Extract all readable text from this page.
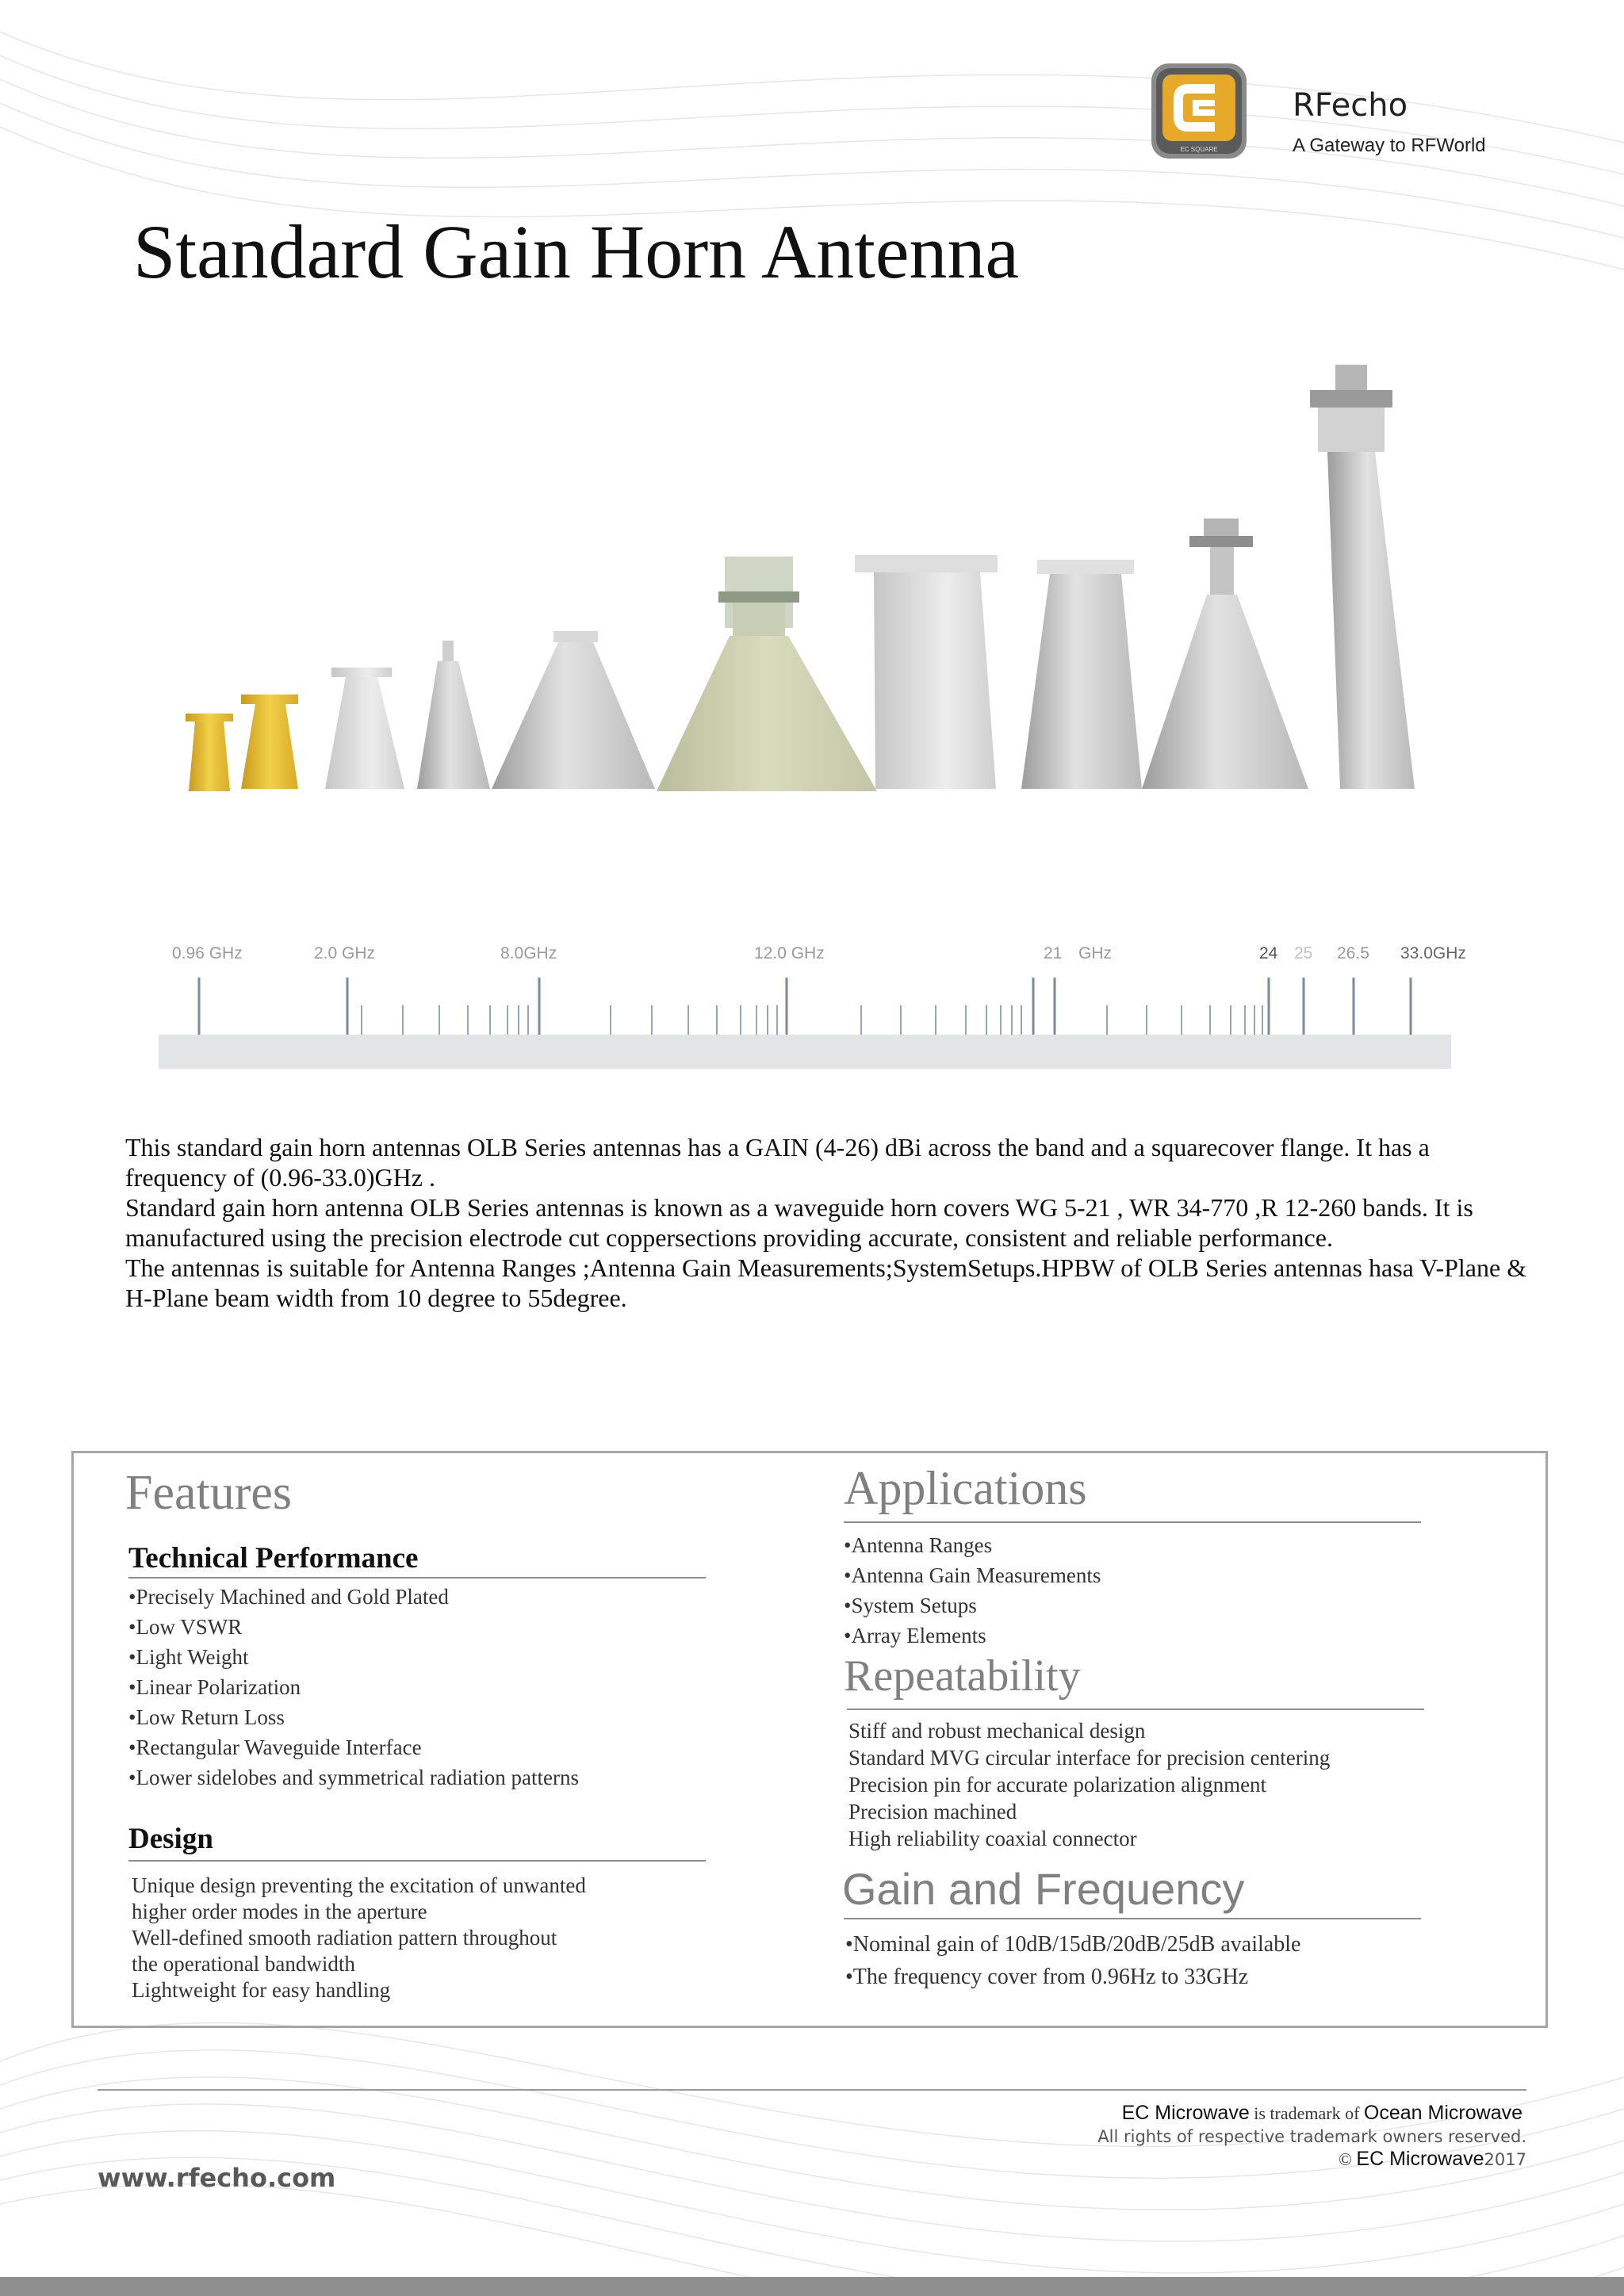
EC SQUARE
RFecho
A Gateway to RFWorld
Standard Gain Horn Antenna
0.96 GHz	2.0 GHz	8.0GHz	12.0 GHz	21 GHz	24 25 26.5 33.0GHz

This standard gain horn antennas OLB Series antennas has a GAIN (4-26) dBi across the band and a squarecover flange. It has a frequency of (0.96-33.0)GHz .

Standard gain horn antenna OLB Series antennas is known as a waveguide horn covers WG 5-21 , WR 34-770 ,R 12-260 bands. It is manufactured using the precision electrode cut coppersections providing accurate, consistent and reliable performance.

The antennas is suitable for Antenna Ranges ;Antenna Gain Measurements;SystemSetups.HPBW of OLB Series antennas hasa V-Plane & H-Plane beam width from 10 degree to 55degree.

Features
Technical Performance
•Precisely Machined and Gold Plated
•Low VSWR
•Light Weight
•Linear Polarization
•Low Return Loss
•Rectangular Waveguide Interface
•Lower sidelobes and symmetrical radiation patterns
Design
Unique design preventing the excitation of unwanted
higher order modes in the aperture
Well-defined smooth radiation pattern throughout
the operational bandwidth
Lightweight for easy handling
Applications
•Antenna Ranges
•Antenna Gain Measurements
•System Setups
•Array Elements
Repeatability
Stiff and robust mechanical design
Standard MVG circular interface for precision centering
Precision pin for accurate polarization alignment
Precision machined
High reliability coaxial connector
Gain and Frequency
•Nominal gain of 10dB/15dB/20dB/25dB available
•The frequency cover from 0.96Hz to 33GHz
EC Microwave is trademark of Ocean Microwave
All rights of respective trademark owners reserved.
© EC Microwave2017
www.rfecho.com
